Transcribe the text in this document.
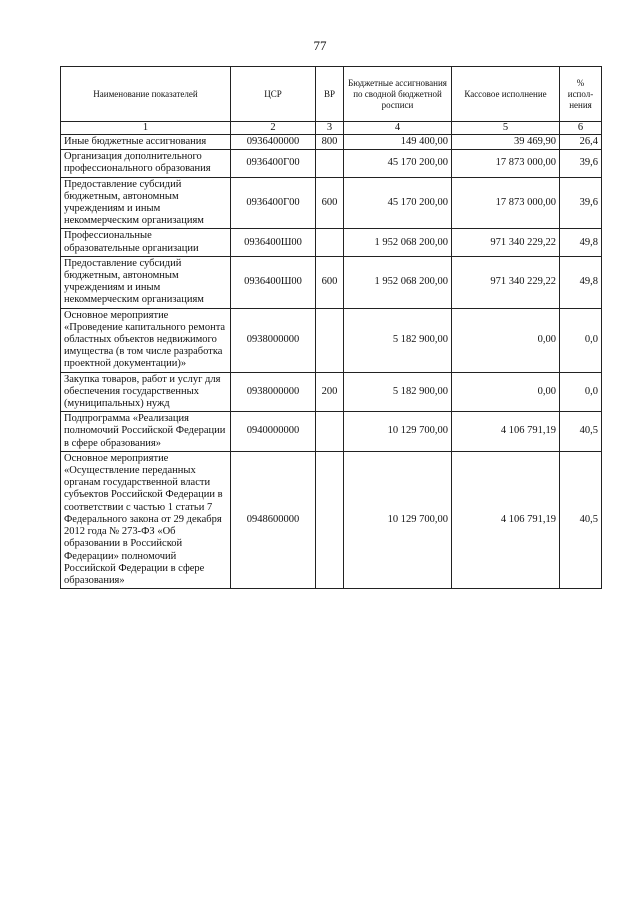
77
Наименование показателей	ЦСР	ВР	Бюджетные ассигнования по сводной бюджетной росписи	Кассовое исполнение	% испол-нения
1	2	3	4	5	6
Иные бюджетные ассигнования	0936400000	800	149 400,00	39 469,90	26,4
Организация дополнительного профессионального образования	0936400Г00		45 170 200,00	17 873 000,00	39,6
Предоставление субсидий бюджетным, автономным учреждениям и иным некоммерческим организациям	0936400Г00	600	45 170 200,00	17 873 000,00	39,6
Профессиональные образовательные организации	0936400Ш00		1 952 068 200,00	971 340 229,22	49,8
Предоставление субсидий бюджетным, автономным учреждениям и иным некоммерческим организациям	0936400Ш00	600	1 952 068 200,00	971 340 229,22	49,8
Основное мероприятие «Проведение капитального ремонта областных объектов недвижимого имущества (в том числе разработка проектной документации)»	0938000000		5 182 900,00	0,00	0,0
Закупка товаров, работ и услуг для обеспечения государственных (муниципальных) нужд	0938000000	200	5 182 900,00	0,00	0,0
Подпрограмма «Реализация полномочий Российской Федерации в сфере образования»	0940000000		10 129 700,00	4 106 791,19	40,5
Основное мероприятие «Осуществление переданных органам государственной власти субъектов Российской Федерации в соответствии с частью 1 статьи 7 Федерального закона от 29 декабря 2012 года № 273-ФЗ «Об образовании в Российской Федерации» полномочий Российской Федерации в сфере образования»	0948600000		10 129 700,00	4 106 791,19	40,5
